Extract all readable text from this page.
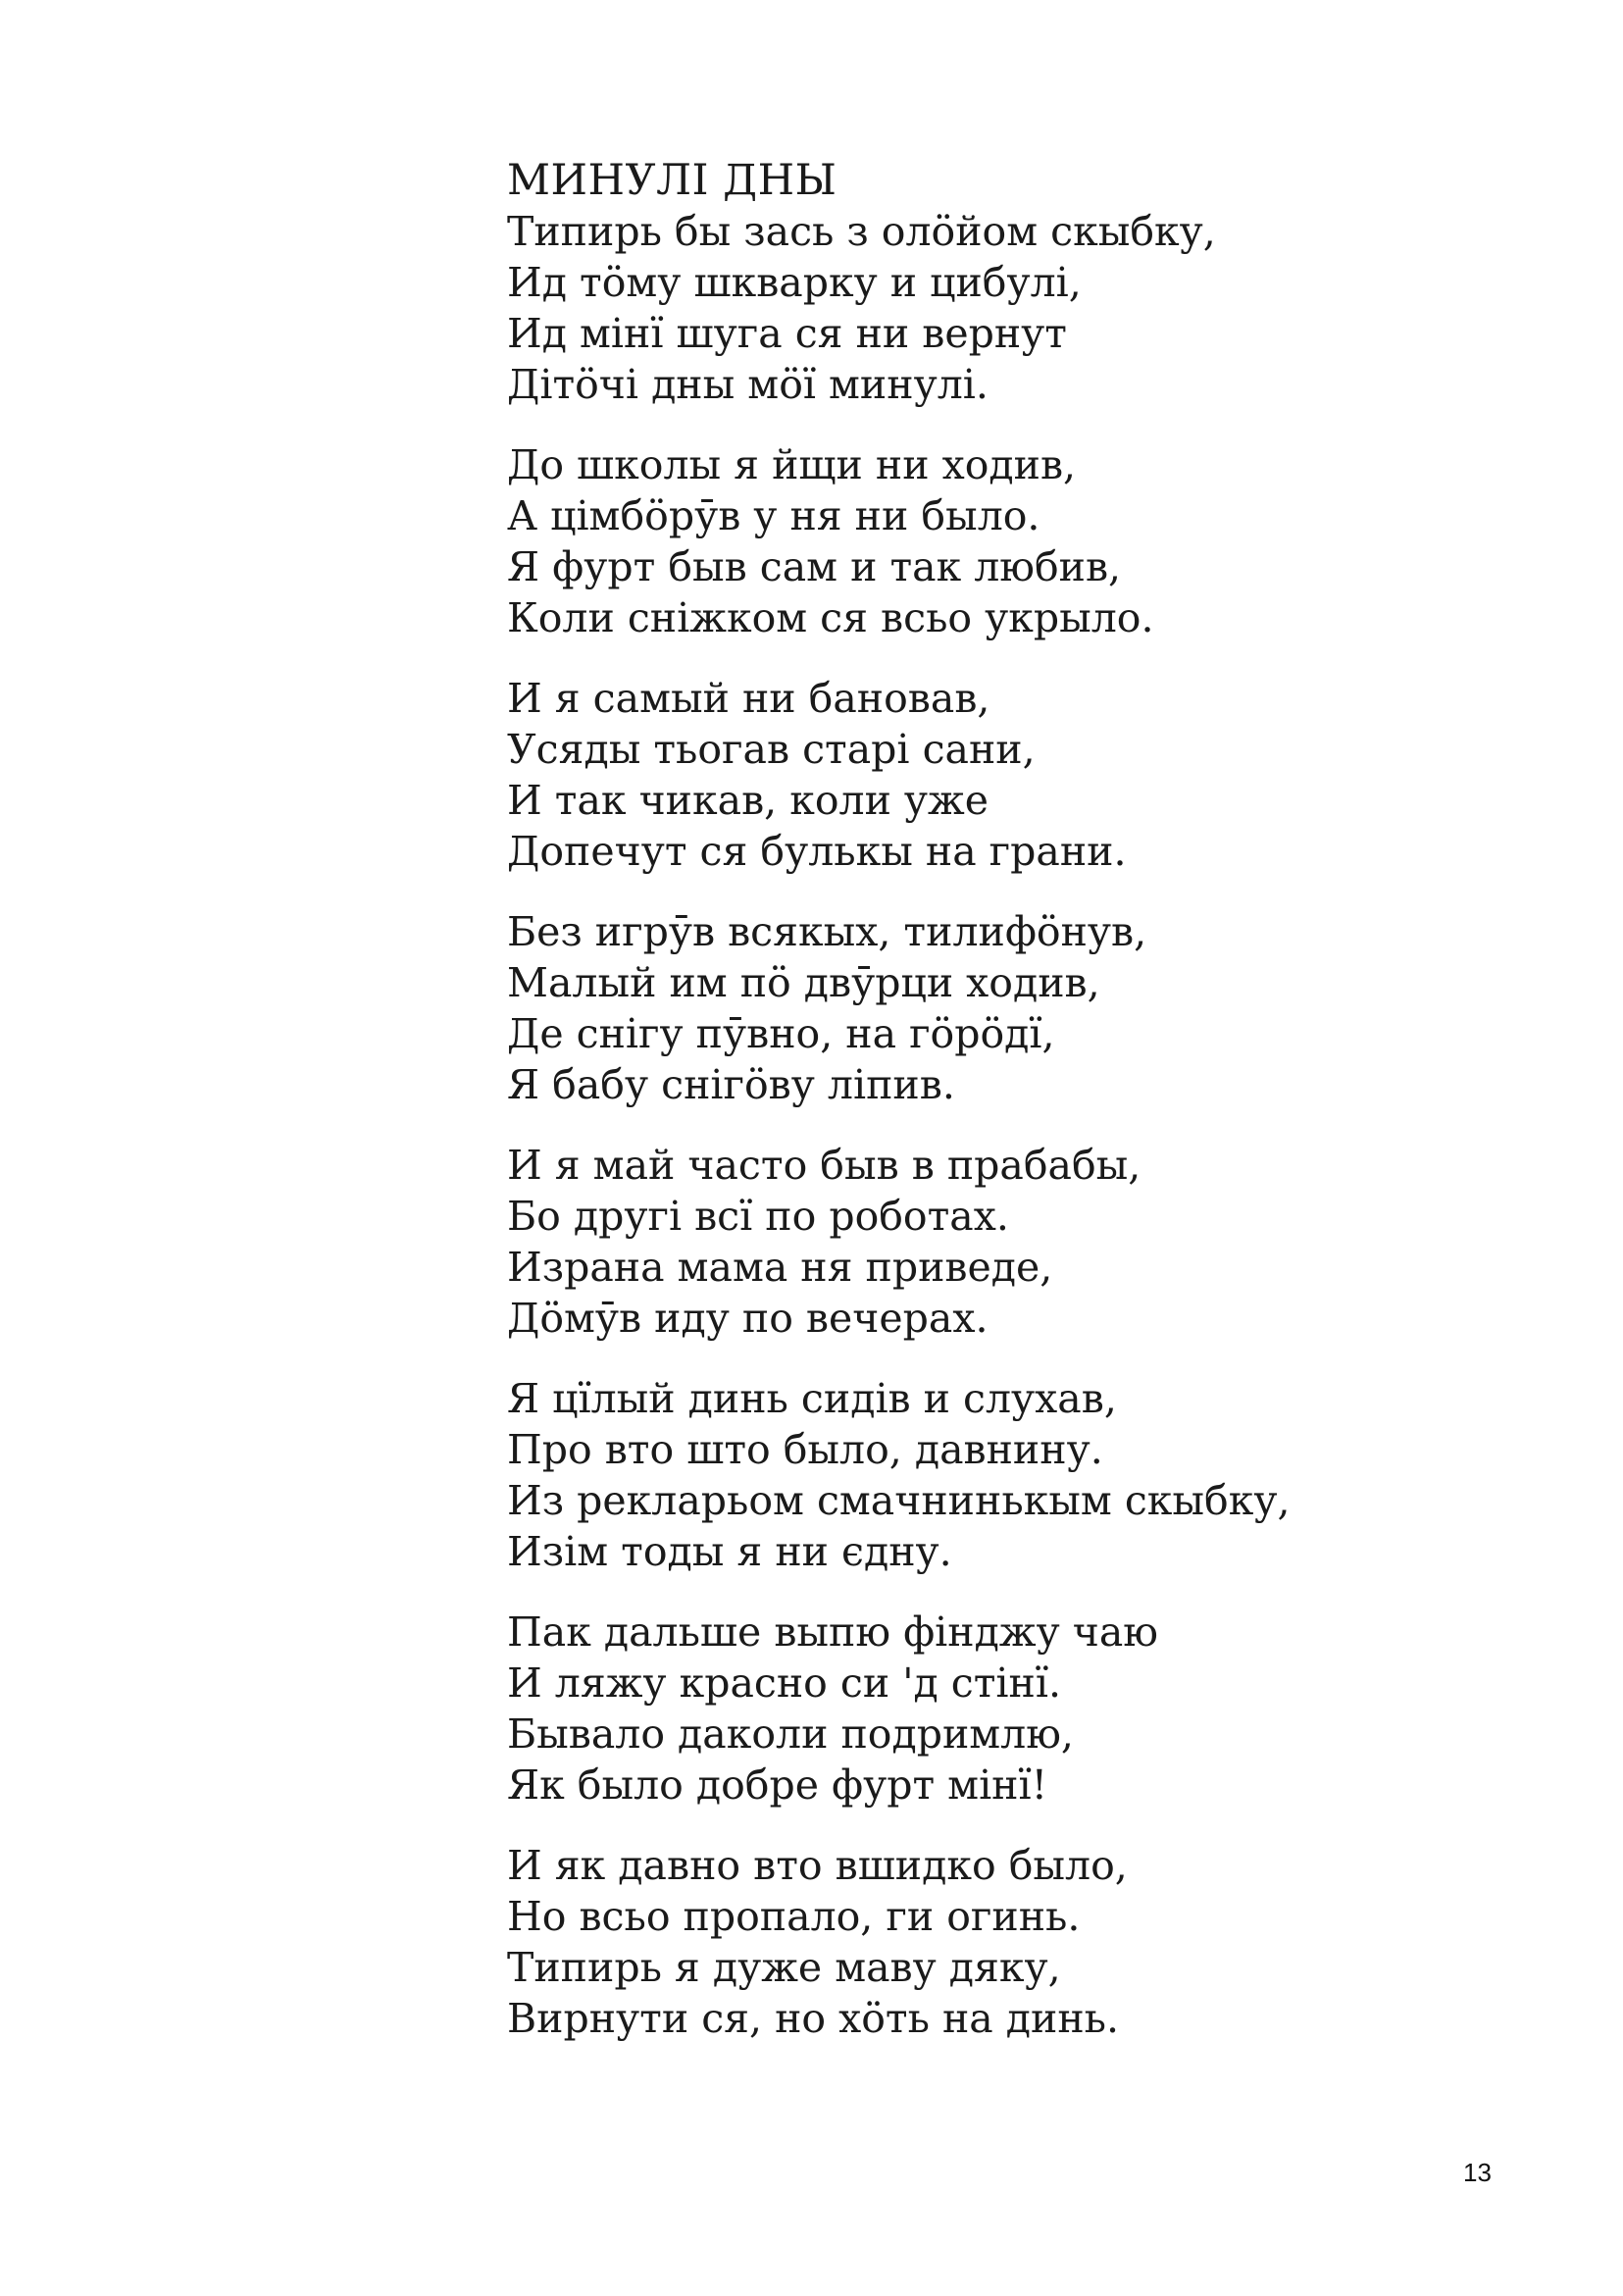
МИНУЛІ ДНЫ
Типирь бы зась з олӧйом скыбку,
Ид тӧму шкварку и цибулі,
Ид мінї шуга ся ни вернут
Дітӧчі дны мӧї минулі.
До школы я йщи ни ходив,
А цімбӧрӯв у ня ни было.
Я фурт быв сам и так любив,
Коли сніжком ся всьо укрыло.
И я самый ни бановав,
Усяды тьогав старі сани,
И так чикав, коли уже
Допечут ся булькы на грани.
Без игрӯв всякых, тилифӧнув,
Малый им пӧ двӯрци ходив,
Де снігу пӯвно, на гӧрӧдї,
Я бабу снігӧву ліпив.
И я май часто быв в прабабы,
Бо другі всї по роботах.
Израна мама ня приведе,
Дӧмӯв иду по вечерах.
Я цїлый динь сидів и слухав,
Про вто што было, давнину.
Из рекларьом смачнинькым скыбку,
Изім тоды я ни єдну.
Пак дальше выпю фінджу чаю
И ляжу красно си 'д стінї.
Бывало даколи подримлю,
Як было добре фурт мінї!
И як давно вто вшидко было,
Но всьо пропало, ги огинь.
Типирь я дуже маву дяку,
Вирнути ся, но хӧть на динь.
13
